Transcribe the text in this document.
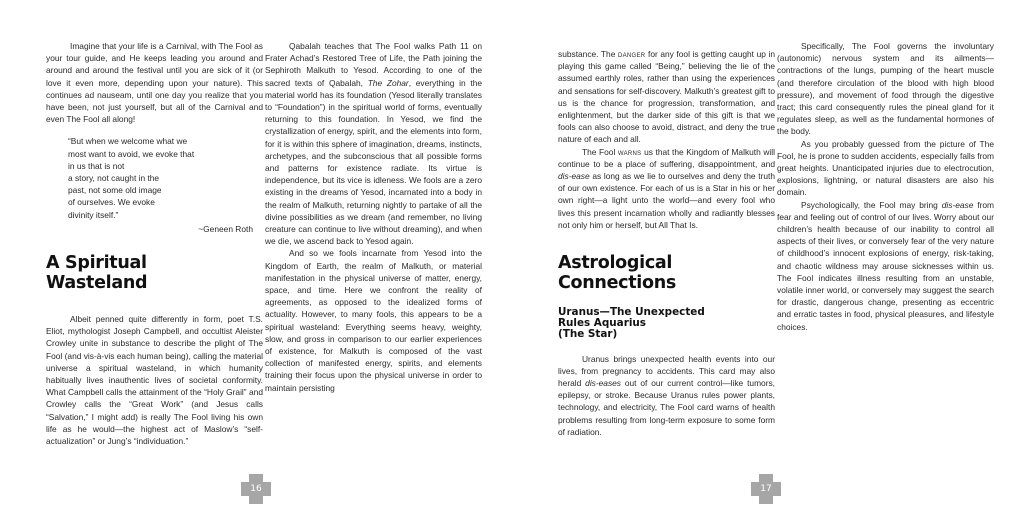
Imagine that your life is a Carnival, with The Fool as your tour guide, and He keeps leading you around and around and around the festival until you are sick of it (or love it even more, depending upon your nature). This continues ad nauseam, until one day you realize that you have been, not just yourself, but all of the Carnival and even The Fool all along!

“But when we welcome what we
most want to avoid, we evoke that
in us that is not
a story, not caught in the
past, not some old image
of ourselves. We evoke
divinity itself.”

~Geneen Roth

A Spiritual Wasteland

Albeit penned quite differently in form, poet T.S. Eliot, mythologist Joseph Campbell, and occultist Aleister Crowley unite in substance to describe the plight of The Fool (and vis-à-vis each human being), calling the material universe a spiritual wasteland, in which humanity habitually lives inauthentic lives of societal conformity. What Campbell calls the attainment of the “Holy Grail” and Crowley calls the “Great Work” (and Jesus calls “Salvation,” I might add) is really The Fool living his own life as he would—the highest act of Maslow’s “self-actualization” or Jung’s “individuation.”

Qabalah teaches that The Fool walks Path 11 on Frater Achad’s Restored Tree of Life, the Path joining the Sephiroth Malkuth to Yesod. According to one of the sacred texts of Qabalah, The Zohar, everything in the material world has its foundation (Yesod literally translates to “Foundation”) in the spiritual world of forms, eventually returning to this foundation. In Yesod, we find the crystallization of energy, spirit, and the elements into form, for it is within this sphere of imagination, dreams, instincts, archetypes, and the subconscious that all possible forms and patterns for existence radiate. Its virtue is independence, but its vice is idleness. We fools are a zero existing in the dreams of Yesod, incarnated into a body in the realm of Malkuth, returning nightly to partake of all the divine possibilities as we dream (and remember, no living creature can continue to live without dreaming), and when we die, we ascend back to Yesod again.

And so we fools incarnate from Yesod into the Kingdom of Earth, the realm of Malkuth, or material manifestation in the physical universe of matter, energy, space, and time. Here we confront the reality of agreements, as opposed to the idealized forms of actuality. However, to many fools, this appears to be a spiritual wasteland: Everything seems heavy, weighty, slow, and gross in comparison to our earlier experiences of existence, for Malkuth is composed of the vast collection of manifested energy, spirits, and elements training their focus upon the physical universe in order to maintain persisting

16

substance. The danger for any fool is getting caught up in playing this game called “Being,” believing the lie of the assumed earthly roles, rather than using the experiences and sensations for self-discovery. Malkuth’s greatest gift to us is the chance for progression, transformation, and enlightenment, but the darker side of this gift is that we fools can also choose to avoid, distract, and deny the true nature of each and all.

The Fool warns us that the Kingdom of Malkuth will continue to be a place of suffering, disappointment, and dis-ease as long as we lie to ourselves and deny the truth of our own existence. For each of us is a Star in his or her own right—a light unto the world—and every fool who lives this present incarnation wholly and radiantly blesses not only him or herself, but All That Is.

Astrological Connections
Uranus—The Unexpected
Rules Aquarius
(The Star)

Uranus brings unexpected health events into our lives, from pregnancy to accidents. This card may also herald dis-eases out of our current control—like tumors, epilepsy, or stroke. Because Uranus rules power plants, technology, and electricity, The Fool card warns of health problems resulting from long-term exposure to some form of radiation.

Specifically, The Fool governs the involuntary (autonomic) nervous system and its ailments—contractions of the lungs, pumping of the heart muscle (and therefore circulation of the blood with high blood pressure), and movement of food through the digestive tract; this card consequently rules the pineal gland for it regulates sleep, as well as the fundamental hormones of the body.

As you probably guessed from the picture of The Fool, he is prone to sudden accidents, especially falls from great heights. Unanticipated injuries due to electrocution, explosions, lightning, or natural disasters are also his domain.

Psychologically, the Fool may bring dis-ease from fear and feeling out of control of our lives. Worry about our children’s health because of our inability to control all aspects of their lives, or conversely fear of the very nature of childhood’s innocent explosions of energy, risk-taking, and chaotic wildness may arouse sicknesses within us. The Fool indicates illness resulting from an unstable, volatile inner world, or conversely may suggest the search for drastic, dangerous change, presenting as eccentric and erratic tastes in food, physical pleasures, and lifestyle choices.

17
